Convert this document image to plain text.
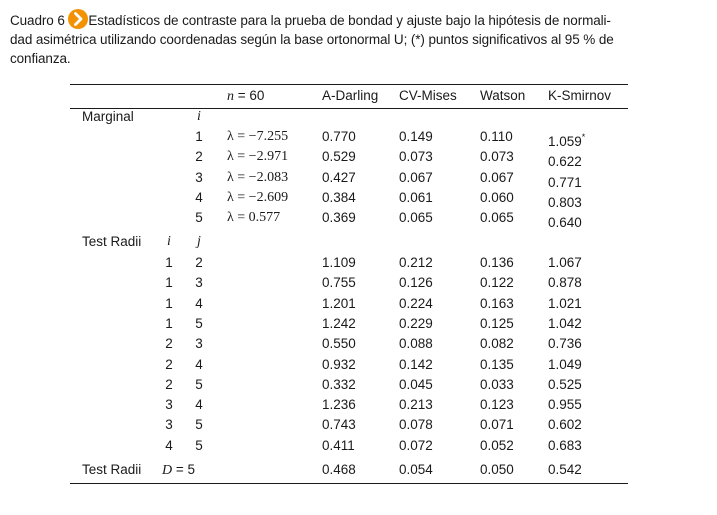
Cuadro 6 Estadísticos de contraste para la prueba de bondad y ajuste bajo la hipótesis de normali-
dad asimétrica utilizando coordenadas según la base ortonormal U; (*) puntos significativos al 95 % de
confianza.
n = 60	A-Darling CV-Mises Watson K-Smirnov
Marginal	i
1 λ = −7.255	0.770	0.149	0.110	1.059*
2 λ = −2.971	0.529	0.073	0.073	0.622
3 λ = −2.083	0.427	0.067	0.067	0.771
4 λ = −2.609	0.384	0.061	0.060	0.803
5 λ = 0.577	0.369	0.065	0.065	0.640
Test Radii	i	j
1 2	1.109	0.212	0.136	1.067
1 3	0.755	0.126	0.122	0.878
1 4	1.201	0.224	0.163	1.021
1 5	1.242	0.229	0.125	1.042
2 3	0.550	0.088	0.082	0.736
2 4	0.932	0.142	0.135	1.049
2 5	0.332	0.045	0.033	0.525
3 4	1.236	0.213	0.123	0.955
3 5	0.743	0.078	0.071	0.602
4 5	0.411	0.072	0.052	0.683
Test Radii D = 5	0.468	0.054	0.050	0.542
